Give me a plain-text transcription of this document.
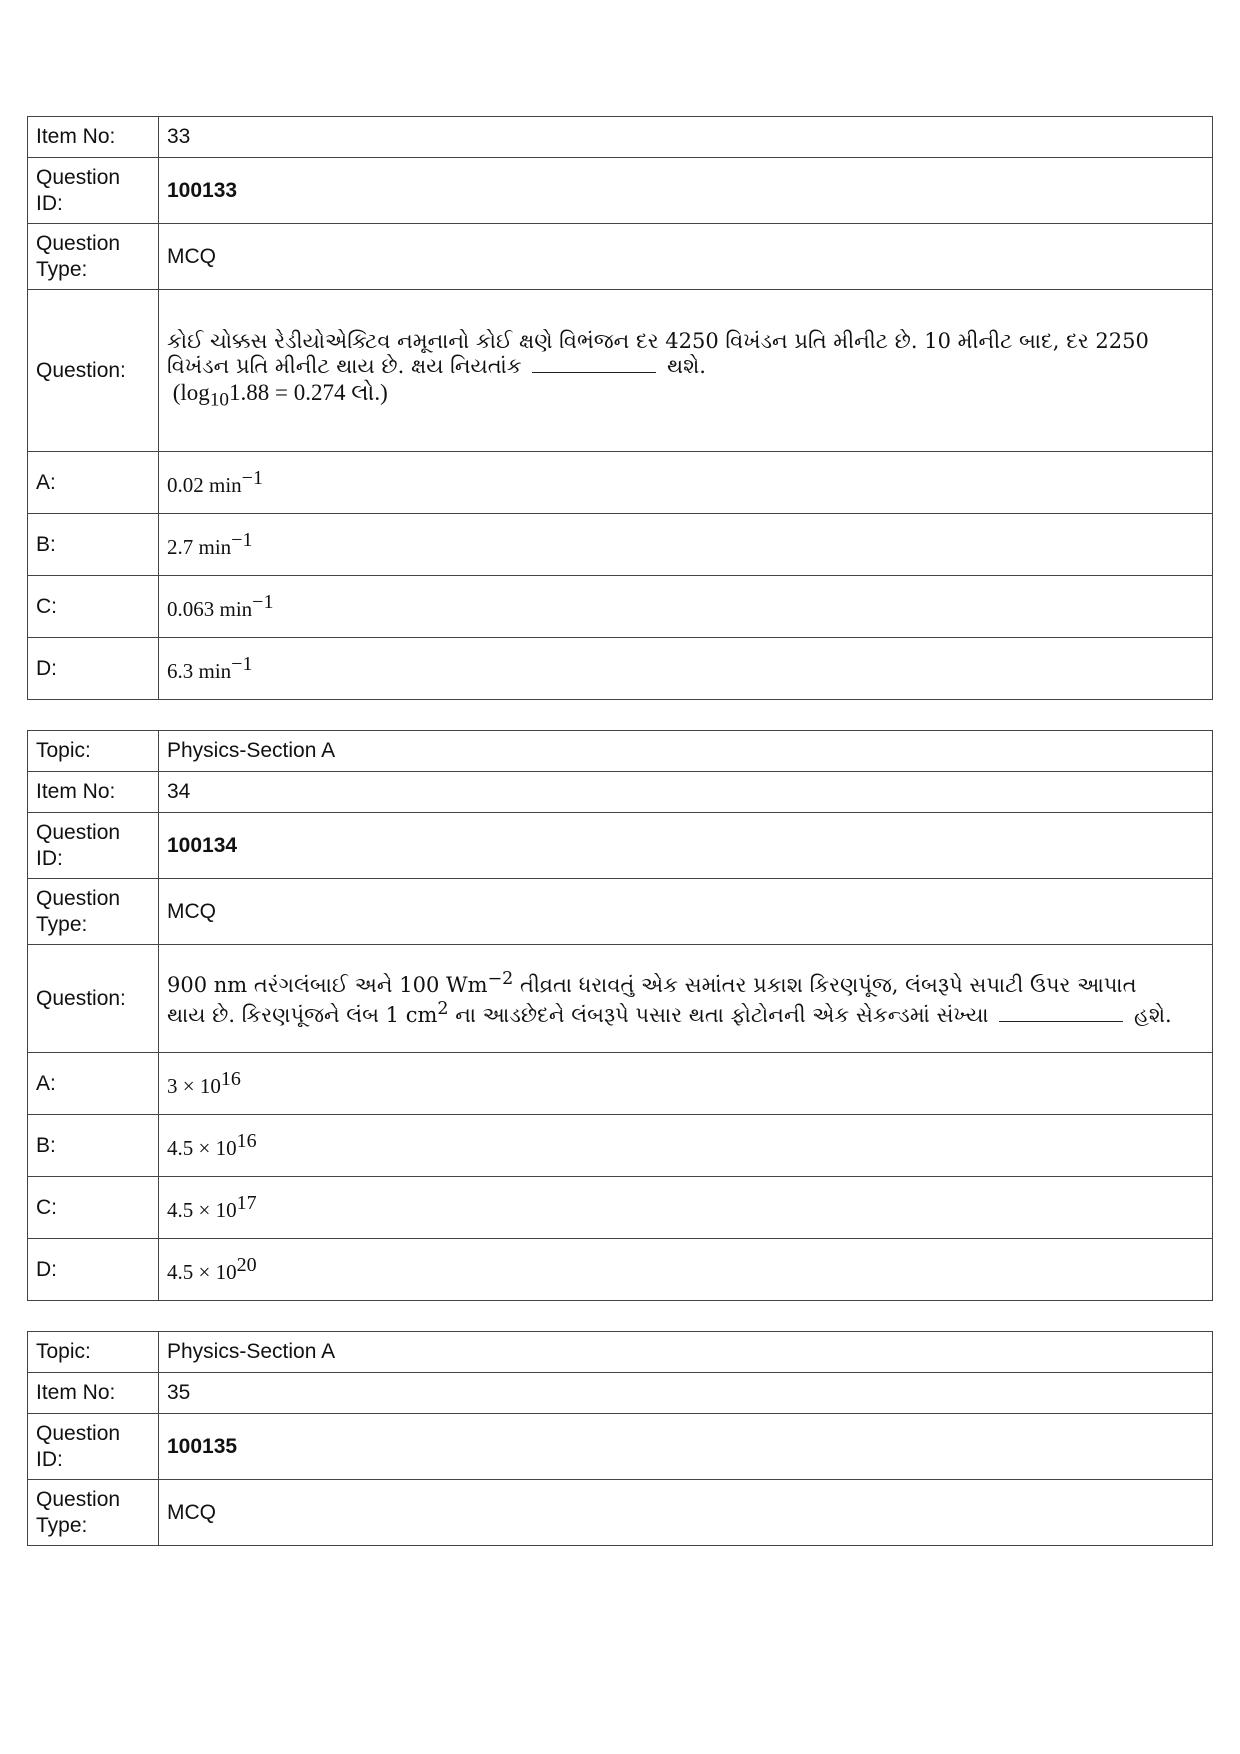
Item No:	33
Question ID:	100133
Question Type:	MCQ
Question:	કોઈ ચોક્કસ રેડીયોએક્ટિવ નમૂનાનો કોઈ ક્ષણે વિભંજન દર 4250 વિખંડન પ્રતિ મીનીટ છે. 10 મીનીટ બાદ, દર 2250
વિખંડન પ્રતિ મીનીટ થાય છે. ક્ષય નિયતાંક થશે.
($\log_{10}1.88 = 0.274$ લો.)

A:	0.02 $\min^{-1}$
B:	2.7 $\min^{-1}$
C:	0.063 $\min^{-1}$
D:	6.3 $\min^{-1}$
Topic:	Physics-Section A
Item No:	34
Question ID:	100134
Question Type:	MCQ
Question:	900 nm તરંગલંબાઈ અને 100 $Wm^{-2}$ તીવ્રતા ધરાવતું એક સમાંતર પ્રકાશ કિરણપૂંજ, લંબરૂપે સપાટી ઉપર આપાત
થાય છે. કિરણપૂંજને લંબ 1 $cm^2$ ના આડછેદને લંબરૂપે પસાર થતા ફોટોનની એક સેકન્ડમાં સંખ્યા હશે.

A:	$3 \times 10^{16}$
B:	$4.5 \times 10^{16}$
C:	$4.5 \times 10^{17}$
D:	$4.5 \times 10^{20}$
Topic:	Physics-Section A
Item No:	35
Question ID:	100135
Question Type:	MCQ
